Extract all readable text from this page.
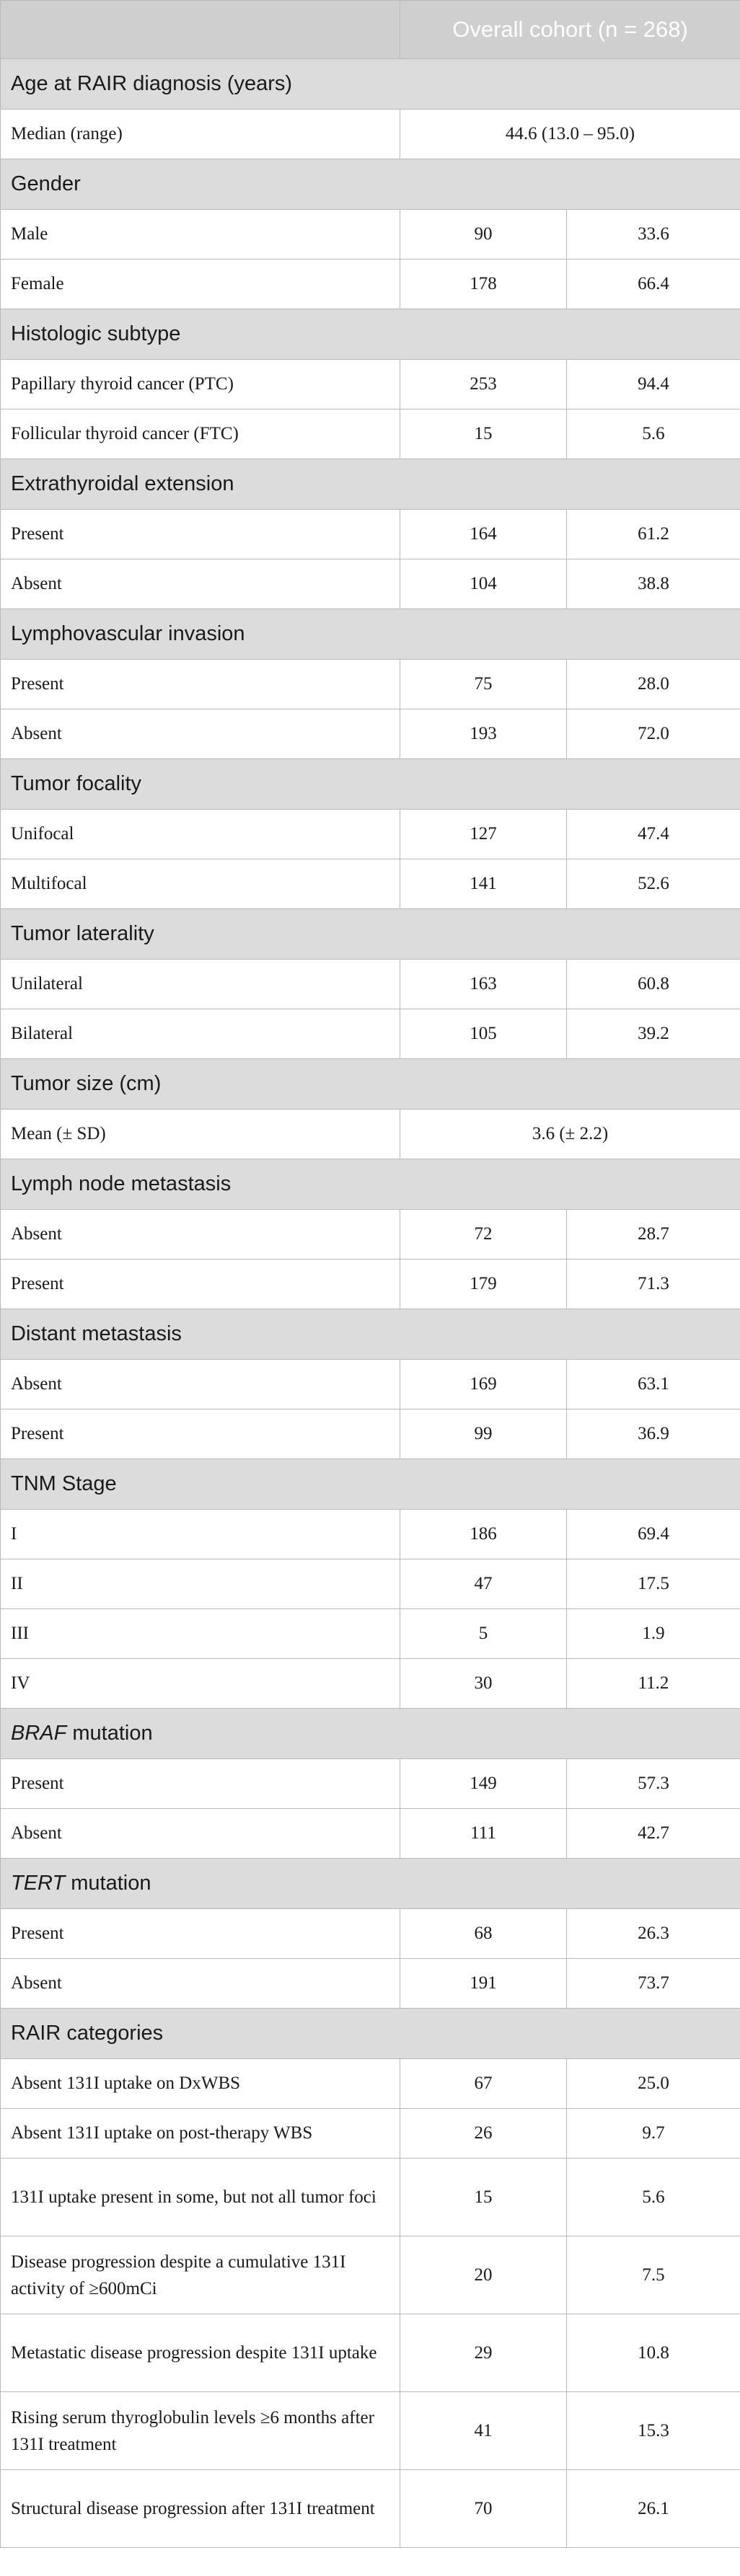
	Overall cohort (n = 268)	
Age at RAIR diagnosis (years)		
Median (range)	44.6 (13.0 – 95.0)	
Gender		
Male	90	33.6
Female	178	66.4
Histologic subtype		
Papillary thyroid cancer (PTC)	253	94.4
Follicular thyroid cancer (FTC)	15	5.6
Extrathyroidal extension		
Present	164	61.2
Absent	104	38.8
Lymphovascular invasion		
Present	75	28.0
Absent	193	72.0
Tumor focality		
Unifocal	127	47.4
Multifocal	141	52.6
Tumor laterality		
Unilateral	163	60.8
Bilateral	105	39.2
Tumor size (cm)		
Mean (± SD)	3.6 (± 2.2)	
Lymph node metastasis		
Absent	72	28.7
Present	179	71.3
Distant metastasis		
Absent	169	63.1
Present	99	36.9
TNM Stage		
I	186	69.4
II	47	17.5
III	5	1.9
IV	30	11.2
BRAF mutation		
Present	149	57.3
Absent	111	42.7
TERT mutation		
Present	68	26.3
Absent	191	73.7
RAIR categories		
Absent 131I uptake on DxWBS	67	25.0
Absent 131I uptake on post-therapy WBS	26	9.7
131I uptake present in some, but not all tumor foci	15	5.6
Disease progression despite a cumulative 131I activity of ≥600mCi	20	7.5
Metastatic disease progression despite 131I uptake	29	10.8
Rising serum thyroglobulin levels ≥6 months after 131I treatment	41	15.3
Structural disease progression after 131I treatment	70	26.1
